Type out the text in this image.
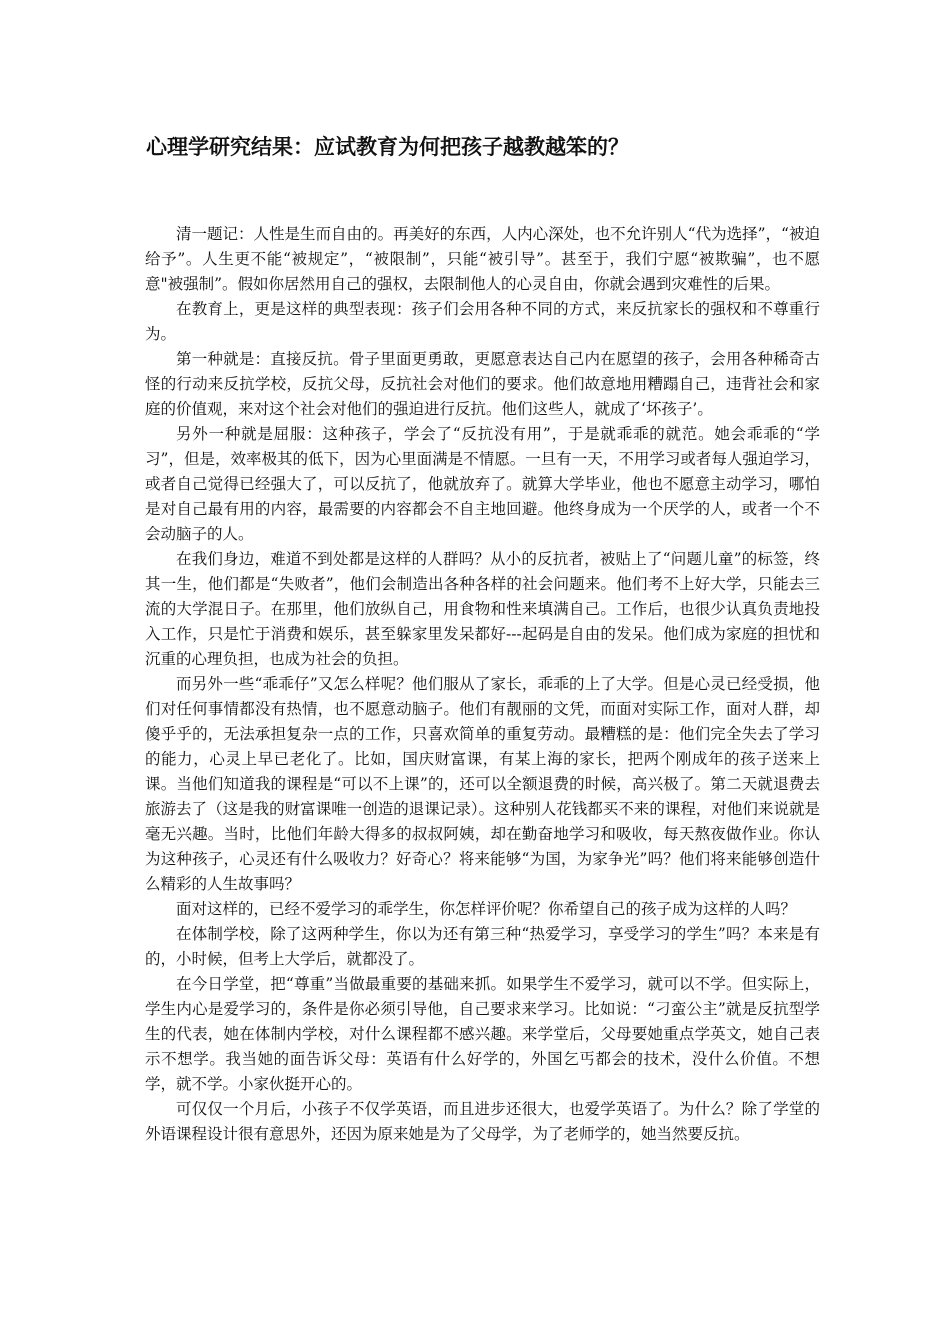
心理学研究结果：应试教育为何把孩子越教越笨的？

清一题记：人性是生而自由的。再美好的东西，人内心深处，也不允许别人“代为选择”，“被迫给予”。人生更不能“被规定”，“被限制”，只能“被引导”。甚至于，我们宁愿“被欺骗”，也不愿意"被强制”。假如你居然用自己的强权，去限制他人的心灵自由，你就会遇到灾难性的后果。

在教育上，更是这样的典型表现：孩子们会用各种不同的方式，来反抗家长的强权和不尊重行为。

第一种就是：直接反抗。骨子里面更勇敢，更愿意表达自己内在愿望的孩子，会用各种稀奇古怪的行动来反抗学校，反抗父母，反抗社会对他们的要求。他们故意地用糟蹋自己，违背社会和家庭的价值观，来对这个社会对他们的强迫进行反抗。他们这些人，就成了‘坏孩子’。

另外一种就是屈服：这种孩子，学会了“反抗没有用”，于是就乖乖的就范。她会乖乖的“学习”，但是，效率极其的低下，因为心里面满是不情愿。一旦有一天，不用学习或者每人强迫学习，或者自己觉得已经强大了，可以反抗了，他就放弃了。就算大学毕业，他也不愿意主动学习，哪怕是对自己最有用的内容，最需要的内容都会不自主地回避。他终身成为一个厌学的人，或者一个不会动脑子的人。

在我们身边，难道不到处都是这样的人群吗？从小的反抗者，被贴上了“问题儿童”的标签，终其一生，他们都是“失败者”，他们会制造出各种各样的社会问题来。他们考不上好大学，只能去三流的大学混日子。在那里，他们放纵自己，用食物和性来填满自己。工作后，也很少认真负责地投入工作，只是忙于消费和娱乐，甚至躲家里发呆都好---起码是自由的发呆。他们成为家庭的担忧和沉重的心理负担，也成为社会的负担。

而另外一些“乖乖仔”又怎么样呢？他们服从了家长，乖乖的上了大学。但是心灵已经受损，他们对任何事情都没有热情，也不愿意动脑子。他们有靓丽的文凭，而面对实际工作，面对人群，却傻乎乎的，无法承担复杂一点的工作，只喜欢简单的重复劳动。最糟糕的是：他们完全失去了学习的能力，心灵上早已老化了。比如，国庆财富课，有某上海的家长，把两个刚成年的孩子送来上课。当他们知道我的课程是“可以不上课”的，还可以全额退费的时候，高兴极了。第二天就退费去旅游去了（这是我的财富课唯一创造的退课记录）。这种别人花钱都买不来的课程，对他们来说就是毫无兴趣。当时，比他们年龄大得多的叔叔阿姨，却在勤奋地学习和吸收，每天熬夜做作业。你认为这种孩子，心灵还有什么吸收力？好奇心？将来能够“为国，为家争光”吗？他们将来能够创造什么精彩的人生故事吗？

面对这样的，已经不爱学习的乖学生，你怎样评价呢？你希望自己的孩子成为这样的人吗？

在体制学校，除了这两种学生，你以为还有第三种“热爱学习，享受学习的学生”吗？本来是有的，小时候，但考上大学后，就都没了。

在今日学堂，把“尊重”当做最重要的基础来抓。如果学生不爱学习，就可以不学。但实际上，学生内心是爱学习的，条件是你必须引导他，自己要求来学习。比如说：“刁蛮公主”就是反抗型学生的代表，她在体制内学校，对什么课程都不感兴趣。来学堂后，父母要她重点学英文，她自己表示不想学。我当她的面告诉父母：英语有什么好学的，外国乞丐都会的技术，没什么价值。不想学，就不学。小家伙挺开心的。

可仅仅一个月后，小孩子不仅学英语，而且进步还很大，也爱学英语了。为什么？除了学堂的外语课程设计很有意思外，还因为原来她是为了父母学，为了老师学的，她当然要反抗。
